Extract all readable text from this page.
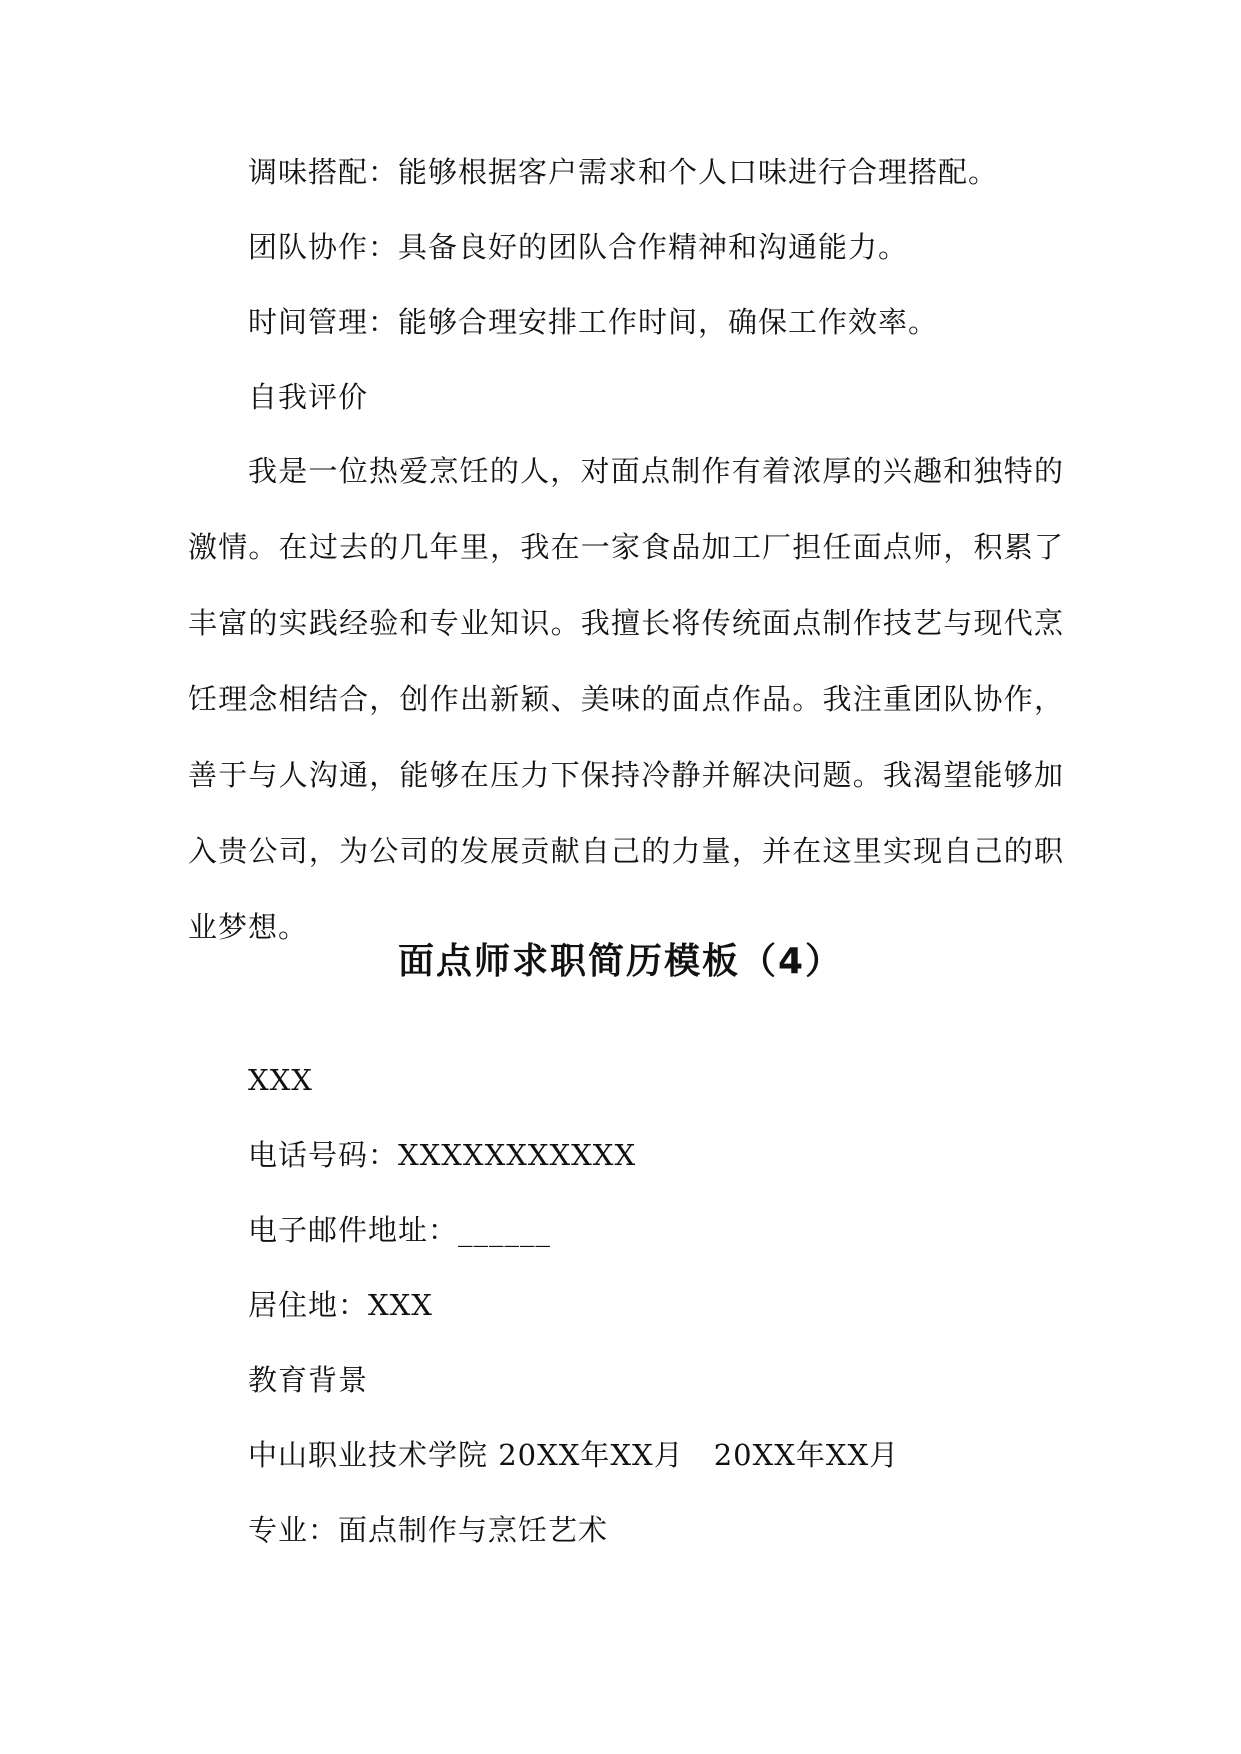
调味搭配：能够根据客户需求和个人口味进行合理搭配。
团队协作：具备良好的团队合作精神和沟通能力。
时间管理：能够合理安排工作时间，确保工作效率。
自我评价
我是一位热爱烹饪的人，对面点制作有着浓厚的兴趣和独特的激情。在过去的几年里，我在一家食品加工厂担任面点师，积累了丰富的实践经验和专业知识。我擅长将传统面点制作技艺与现代烹饪理念相结合，创作出新颖、美味的面点作品。我注重团队协作，善于与人沟通，能够在压力下保持冷静并解决问题。我渴望能够加入贵公司，为公司的发展贡献自己的力量，并在这里实现自己的职业梦想。
面点师求职简历模板（4）
XXX
电话号码：XXXXXXXXXXX
电子邮件地址：______
居住地：XXX
教育背景
中山职业技术学院 20XX年XX月　20XX年XX月
专业：面点制作与烹饪艺术
